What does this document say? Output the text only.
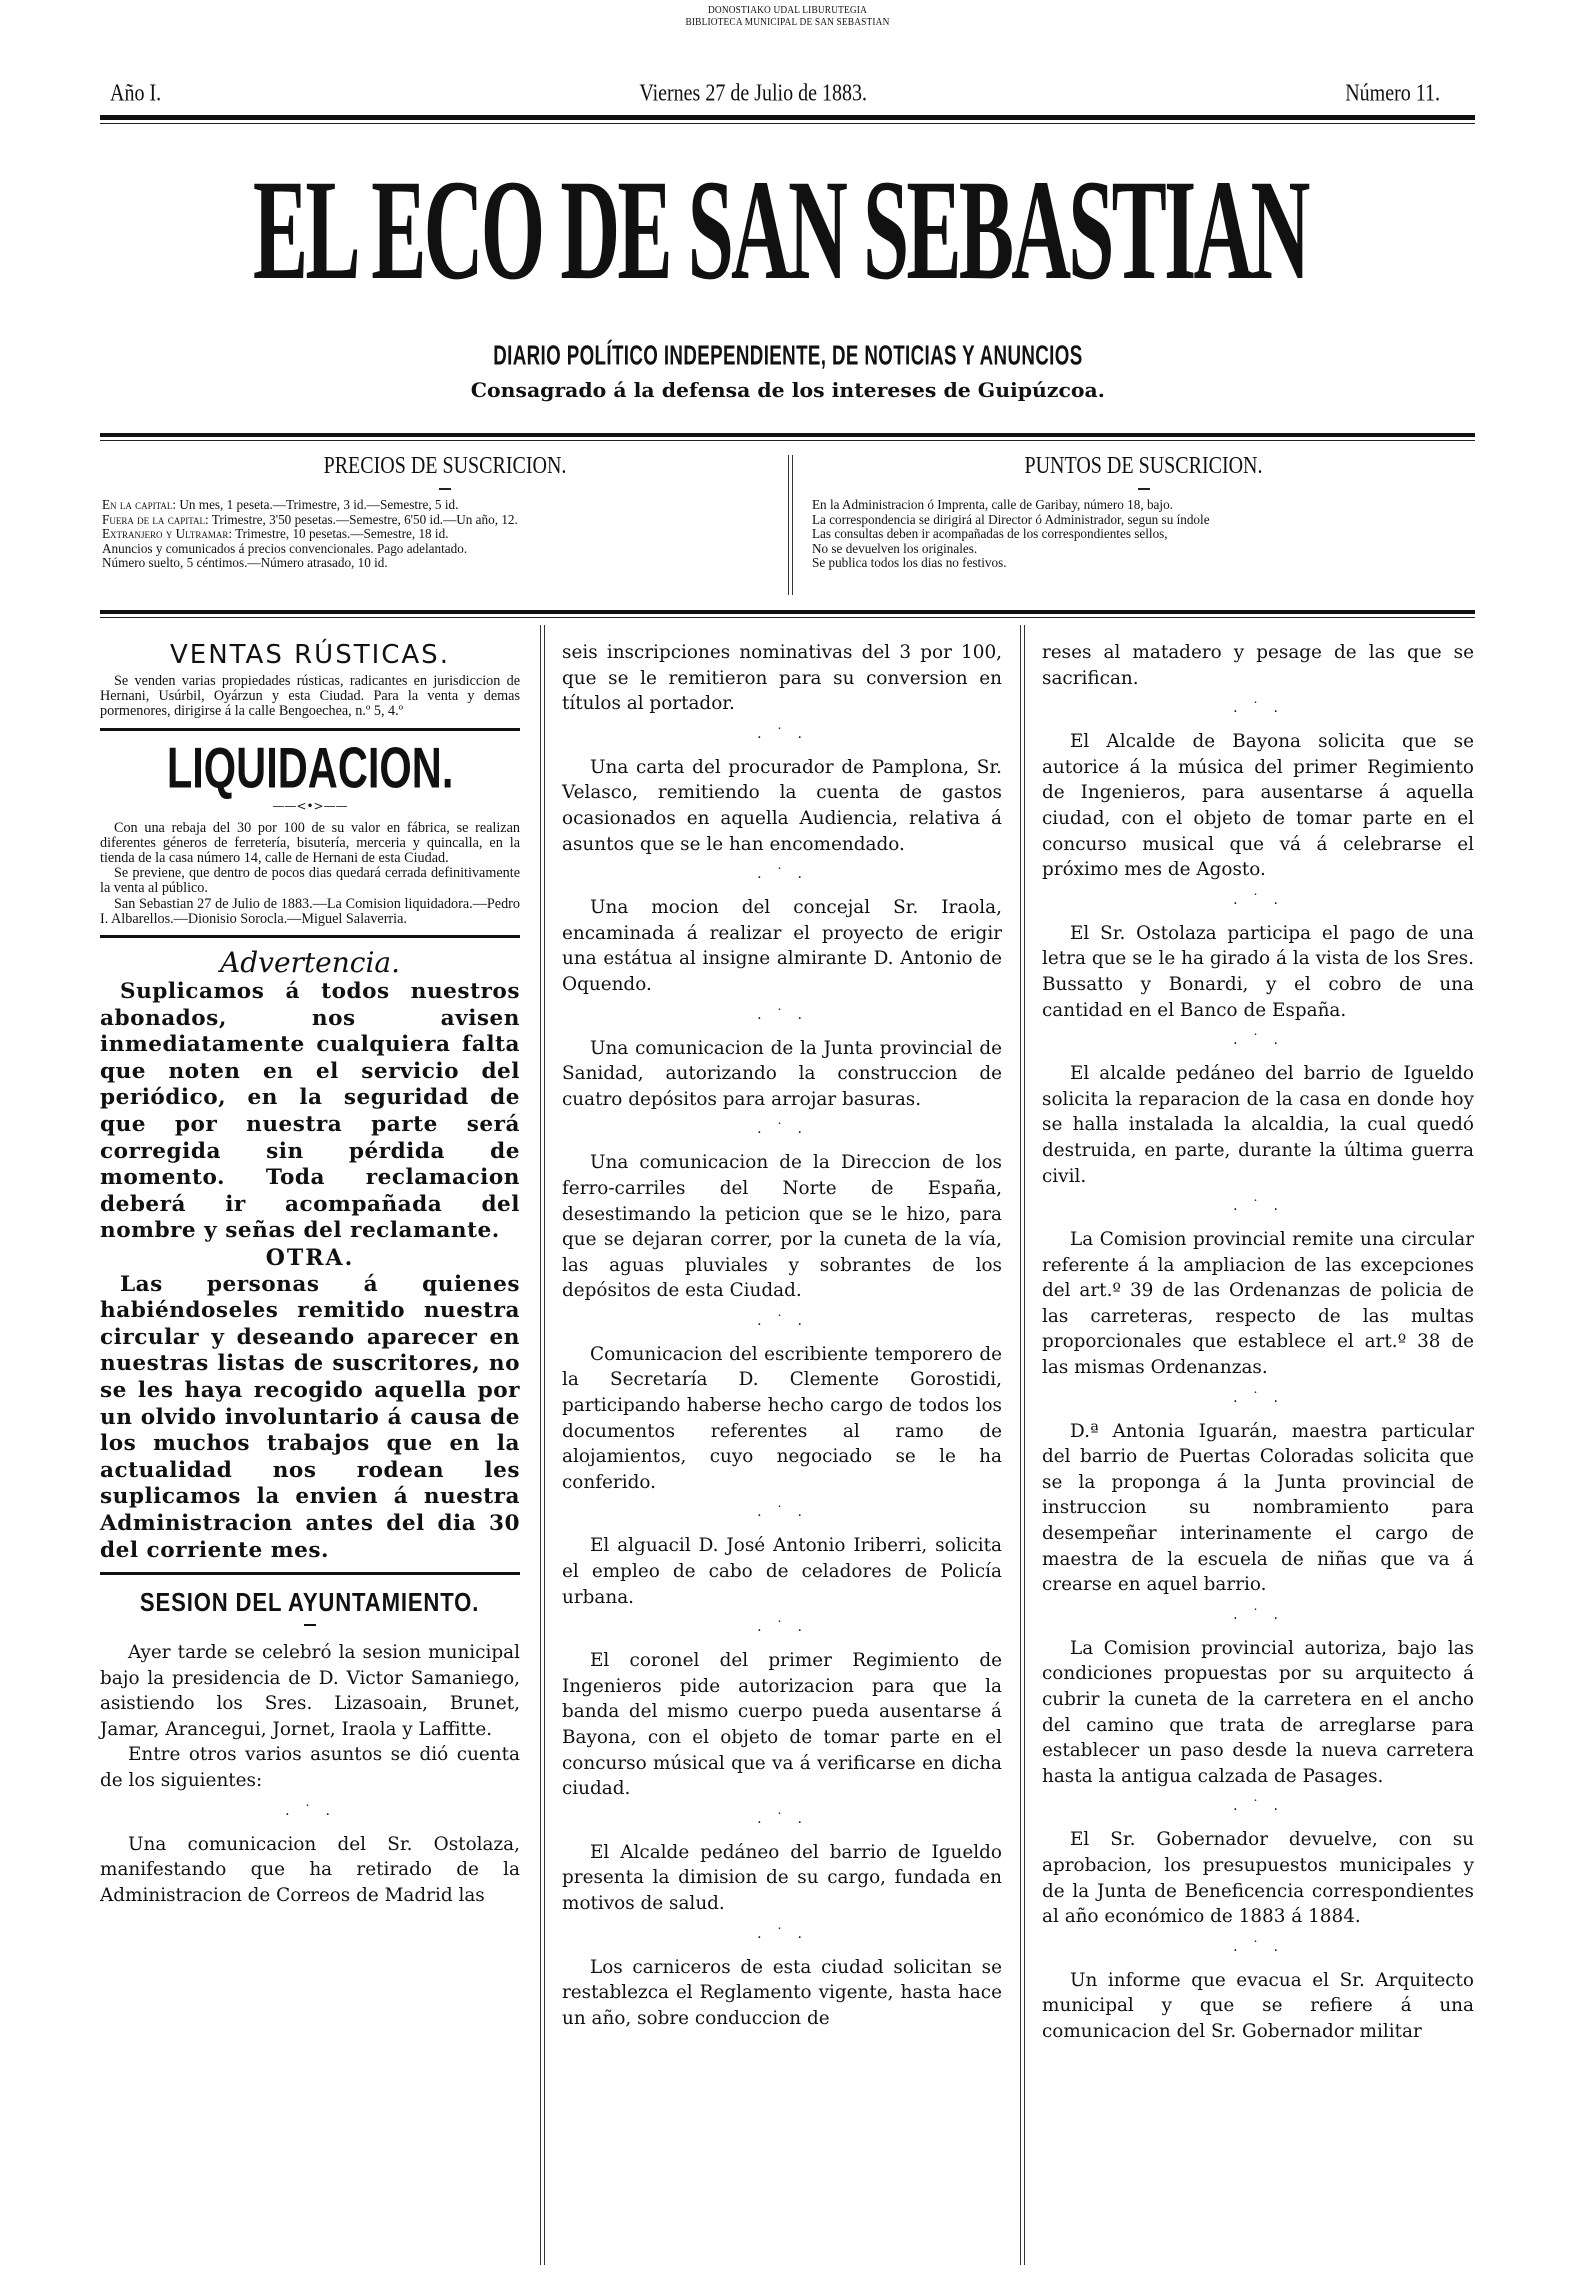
DONOSTIAKO UDAL LIBURUTEGIA
BIBLIOTECA MUNICIPAL DE SAN SEBASTIAN
Año I.	Viernes 27 de Julio de 1883.	Número 11.
EL ECO DE SAN SEBASTIAN
DIARIO POLÍTICO INDEPENDIENTE, DE NOTICIAS Y ANUNCIOS
Consagrado á la defensa de los intereses de Guipúzcoa.
PRECIOS DE SUSCRICION.

En la capital: Un mes, 1 peseta.—Trimestre, 3 id.—Semestre, 5 id.

Fuera de la capital: Trimestre, 3'50 pesetas.—Semestre, 6'50 id.—Un año, 12.

Extranjero y Ultramar: Trimestre, 10 pesetas.—Semestre, 18 id.

Anuncios y comunicados á precios convencionales. Pago adelantado.

Número suelto, 5 céntimos.—Número atrasado, 10 id.

PUNTOS DE SUSCRICION.

En la Administracion ó Imprenta, calle de Garibay, número 18, bajo.

La correspondencia se dirigirá al Director ó Administrador, segun su índole

Las consultas deben ir acompañadas de los correspondientes sellos,

No se devuelven los originales.

Se publica todos los dias no festivos.

VENTAS RÚSTICAS.

Se venden varias propiedades rústicas, radicantes en jurisdiccion de Hernani, Usúrbil, Oyárzun y esta Ciudad. Para la venta y demas pormenores, dirigirse á la calle Bengoechea, n.º 5, 4.º

LIQUIDACION.
——<•>——

Con una rebaja del 30 por 100 de su valor en fábrica, se realizan diferentes géneros de ferretería, bisutería, merceria y quincalla, en la tienda de la casa número 14, calle de Hernani de esta Ciudad.

Se previene, que dentro de pocos dias quedará cerrada definitivamente la venta al público.

San Sebastian 27 de Julio de 1883.—La Comision liquidadora.—Pedro I. Albarellos.—Dionisio Sorocla.—Miguel Salaverria.

Advertencia.

Suplicamos á todos nuestros abonados, nos avisen inmediatamente cualquiera falta que noten en el servicio del periódico, en la seguridad de que por nuestra parte será corregida sin pérdida de momento. Toda reclamacion deberá ir acompañada del nombre y señas del reclamante.

OTRA.

Las personas á quienes habiéndoseles remitido nuestra circular y deseando aparecer en nuestras listas de suscritores, no se les haya recogido aquella por un olvido involuntario á causa de los muchos trabajos que en la actualidad nos rodean les suplicamos la envien á nuestra Administracion antes del dia 30 del corriente mes.

SESION DEL AYUNTAMIENTO.

Ayer tarde se celebró la sesion municipal bajo la presidencia de D. Victor Samaniego, asistiendo los Sres. Lizasoain, Brunet, Jamar, Arancegui, Jornet, Iraola y Laffitte.

Entre otros varios asuntos se dió cuenta de los siguientes:

. ˙ .

Una comunicacion del Sr. Ostolaza, manifestando que ha retirado de la Administracion de Correos de Madrid las

seis inscripciones nominativas del 3 por 100, que se le remitieron para su conversion en títulos al portador.

. ˙ .

Una carta del procurador de Pamplona, Sr. Velasco, remitiendo la cuenta de gastos ocasionados en aquella Audiencia, relativa á asuntos que se le han encomendado.

. ˙ .

Una mocion del concejal Sr. Iraola, encaminada á realizar el proyecto de erigir una estátua al insigne almirante D. Antonio de Oquendo.

. ˙ .

Una comunicacion de la Junta provincial de Sanidad, autorizando la construccion de cuatro depósitos para arrojar basuras.

. ˙ .

Una comunicacion de la Direccion de los ferro-carriles del Norte de España, desestimando la peticion que se le hizo, para que se dejaran correr, por la cuneta de la vía, las aguas pluviales y sobrantes de los depósitos de esta Ciudad.

. ˙ .

Comunicacion del escribiente temporero de la Secretaría D. Clemente Gorostidi, participando haberse hecho cargo de todos los documentos referentes al ramo de alojamientos, cuyo negociado se le ha conferido.

. ˙ .

El alguacil D. José Antonio Iriberri, solicita el empleo de cabo de celadores de Policía urbana.

. ˙ .

El coronel del primer Regimiento de Ingenieros pide autorizacion para que la banda del mismo cuerpo pueda ausentarse á Bayona, con el objeto de tomar parte en el concurso músical que va á verificarse en dicha ciudad.

. ˙ .

El Alcalde pedáneo del barrio de Igueldo presenta la dimision de su cargo, fundada en motivos de salud.

. ˙ .

Los carniceros de esta ciudad solicitan se restablezca el Reglamento vigente, hasta hace un año, sobre conduccion de

reses al matadero y pesage de las que se sacrifican.

. ˙ .

El Alcalde de Bayona solicita que se autorice á la música del primer Regimiento de Ingenieros, para ausentarse á aquella ciudad, con el objeto de tomar parte en el concurso musical que vá á celebrarse el próximo mes de Agosto.

. ˙ .

El Sr. Ostolaza participa el pago de una letra que se le ha girado á la vista de los Sres. Bussatto y Bonardi, y el cobro de una cantidad en el Banco de España.

. ˙ .

El alcalde pedáneo del barrio de Igueldo solicita la reparacion de la casa en donde hoy se halla instalada la alcaldia, la cual quedó destruida, en parte, durante la última guerra civil.

. ˙ .

La Comision provincial remite una circular referente á la ampliacion de las excepciones del art.º 39 de las Ordenanzas de policia de las carreteras, respecto de las multas proporcionales que establece el art.º 38 de las mismas Ordenanzas.

. ˙ .

D.ª Antonia Iguarán, maestra particular del barrio de Puertas Coloradas solicita que se la proponga á la Junta provincial de instruccion su nombramiento para desempeñar interinamente el cargo de maestra de la escuela de niñas que va á crearse en aquel barrio.

. ˙ .

La Comision provincial autoriza, bajo las condiciones propuestas por su arquitecto á cubrir la cuneta de la carretera en el ancho del camino que trata de arreglarse para establecer un paso desde la nueva carretera hasta la antigua calzada de Pasages.

. ˙ .

El Sr. Gobernador devuelve, con su aprobacion, los presupuestos municipales y de la Junta de Beneficencia correspondientes al año económico de 1883 á 1884.

. ˙ .

Un informe que evacua el Sr. Arquitecto municipal y que se refiere á una comunicacion del Sr. Gobernador militar
